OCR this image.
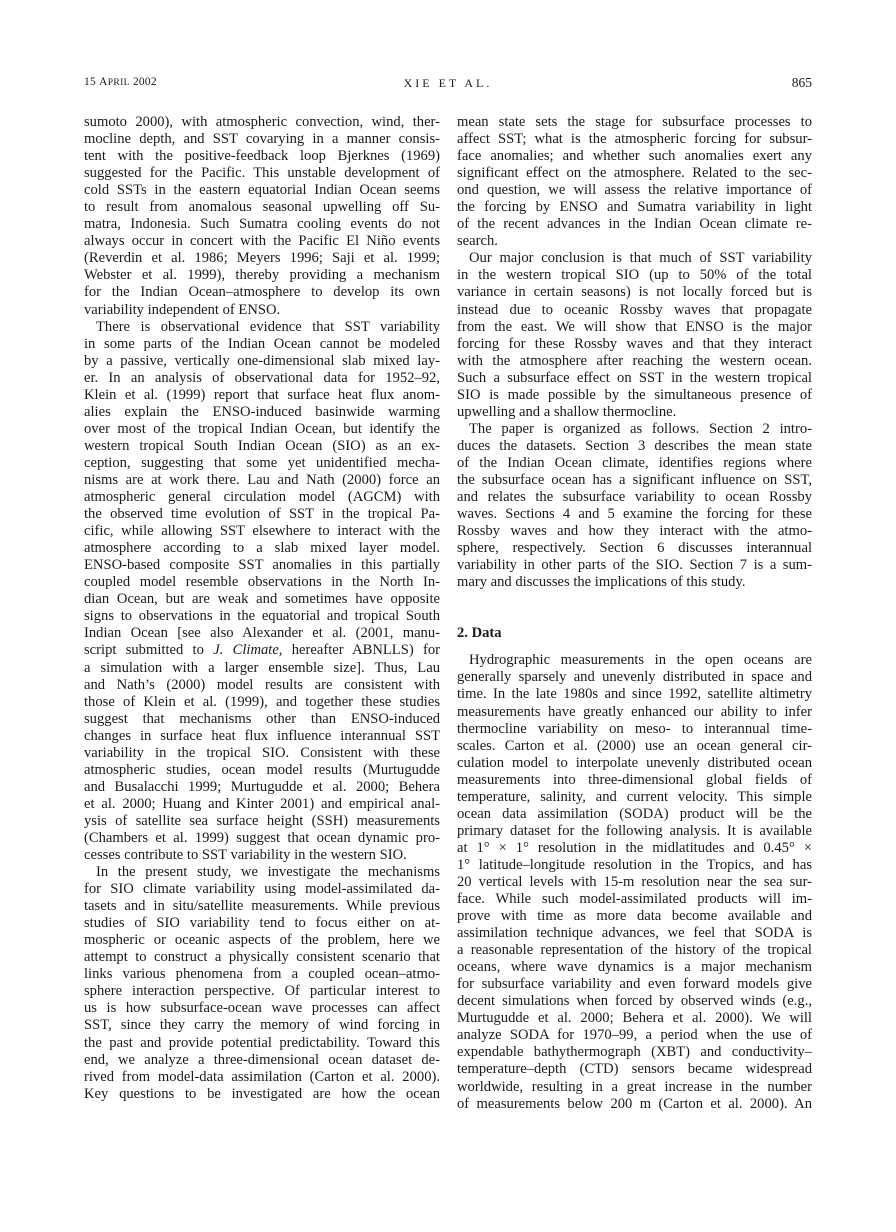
15 APRIL 2002	XIE ET AL.	865

sumoto 2000), with atmospheric convection, wind, ther-
mocline depth, and SST covarying in a manner consis-
tent with the positive-feedback loop Bjerknes (1969)
suggested for the Pacific. This unstable development of
cold SSTs in the eastern equatorial Indian Ocean seems
to result from anomalous seasonal upwelling off Su-
matra, Indonesia. Such Sumatra cooling events do not
always occur in concert with the Pacific El Niño events
(Reverdin et al. 1986; Meyers 1996; Saji et al. 1999;
Webster et al. 1999), thereby providing a mechanism
for the Indian Ocean–atmosphere to develop its own
variability independent of ENSO.

There is observational evidence that SST variability
in some parts of the Indian Ocean cannot be modeled
by a passive, vertically one-dimensional slab mixed lay-
er. In an analysis of observational data for 1952–92,
Klein et al. (1999) report that surface heat flux anom-
alies explain the ENSO-induced basinwide warming
over most of the tropical Indian Ocean, but identify the
western tropical South Indian Ocean (SIO) as an ex-
ception, suggesting that some yet unidentified mecha-
nisms are at work there. Lau and Nath (2000) force an
atmospheric general circulation model (AGCM) with
the observed time evolution of SST in the tropical Pa-
cific, while allowing SST elsewhere to interact with the
atmosphere according to a slab mixed layer model.
ENSO-based composite SST anomalies in this partially
coupled model resemble observations in the North In-
dian Ocean, but are weak and sometimes have opposite
signs to observations in the equatorial and tropical South
Indian Ocean [see also Alexander et al. (2001, manu-
script submitted to J. Climate, hereafter ABNLLS) for
a simulation with a larger ensemble size]. Thus, Lau
and Nath’s (2000) model results are consistent with
those of Klein et al. (1999), and together these studies
suggest that mechanisms other than ENSO-induced
changes in surface heat flux influence interannual SST
variability in the tropical SIO. Consistent with these
atmospheric studies, ocean model results (Murtugudde
and Busalacchi 1999; Murtugudde et al. 2000; Behera
et al. 2000; Huang and Kinter 2001) and empirical anal-
ysis of satellite sea surface height (SSH) measurements
(Chambers et al. 1999) suggest that ocean dynamic pro-
cesses contribute to SST variability in the western SIO.

In the present study, we investigate the mechanisms
for SIO climate variability using model-assimilated da-
tasets and in situ/satellite measurements. While previous
studies of SIO variability tend to focus either on at-
mospheric or oceanic aspects of the problem, here we
attempt to construct a physically consistent scenario that
links various phenomena from a coupled ocean–atmo-
sphere interaction perspective. Of particular interest to
us is how subsurface-ocean wave processes can affect
SST, since they carry the memory of wind forcing in
the past and provide potential predictability. Toward this
end, we analyze a three-dimensional ocean dataset de-
rived from model-data assimilation (Carton et al. 2000).
Key questions to be investigated are how the ocean

mean state sets the stage for subsurface processes to
affect SST; what is the atmospheric forcing for subsur-
face anomalies; and whether such anomalies exert any
significant effect on the atmosphere. Related to the sec-
ond question, we will assess the relative importance of
the forcing by ENSO and Sumatra variability in light
of the recent advances in the Indian Ocean climate re-
search.

Our major conclusion is that much of SST variability
in the western tropical SIO (up to 50% of the total
variance in certain seasons) is not locally forced but is
instead due to oceanic Rossby waves that propagate
from the east. We will show that ENSO is the major
forcing for these Rossby waves and that they interact
with the atmosphere after reaching the western ocean.
Such a subsurface effect on SST in the western tropical
SIO is made possible by the simultaneous presence of
upwelling and a shallow thermocline.

The paper is organized as follows. Section 2 intro-
duces the datasets. Section 3 describes the mean state
of the Indian Ocean climate, identifies regions where
the subsurface ocean has a significant influence on SST,
and relates the subsurface variability to ocean Rossby
waves. Sections 4 and 5 examine the forcing for these
Rossby waves and how they interact with the atmo-
sphere, respectively. Section 6 discusses interannual
variability in other parts of the SIO. Section 7 is a sum-
mary and discusses the implications of this study.

2. Data

Hydrographic measurements in the open oceans are
generally sparsely and unevenly distributed in space and
time. In the late 1980s and since 1992, satellite altimetry
measurements have greatly enhanced our ability to infer
thermocline variability on meso- to interannual time-
scales. Carton et al. (2000) use an ocean general cir-
culation model to interpolate unevenly distributed ocean
measurements into three-dimensional global fields of
temperature, salinity, and current velocity. This simple
ocean data assimilation (SODA) product will be the
primary dataset for the following analysis. It is available
at 1° × 1° resolution in the midlatitudes and 0.45° ×
1° latitude–longitude resolution in the Tropics, and has
20 vertical levels with 15-m resolution near the sea sur-
face. While such model-assimilated products will im-
prove with time as more data become available and
assimilation technique advances, we feel that SODA is
a reasonable representation of the history of the tropical
oceans, where wave dynamics is a major mechanism
for subsurface variability and even forward models give
decent simulations when forced by observed winds (e.g.,
Murtugudde et al. 2000; Behera et al. 2000). We will
analyze SODA for 1970–99, a period when the use of
expendable bathythermograph (XBT) and conductivity–
temperature–depth (CTD) sensors became widespread
worldwide, resulting in a great increase in the number
of measurements below 200 m (Carton et al. 2000). An
